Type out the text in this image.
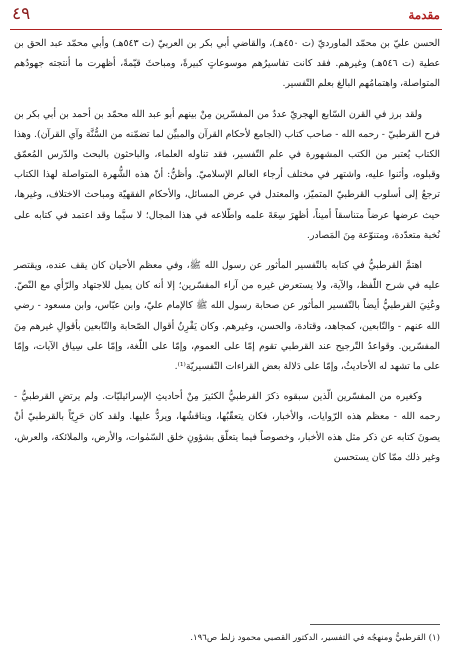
٤٩	مقدمة

الحسن عليّ بن محمّد الماورديّ (ت ٤٥٠هـ)، والقاضي أبي بكر بن العربيّ (ت ٥٤٣هـ) وأبي محمّد عبد الحق بن عطية (ت ٥٤٦هـ) وغيرهم. فقد كانت تفاسيرُهم موسوعاتٍ كبيرةً، ومباحثَ قيّمةً، أظهرت ما أنتجته جهودُهم المتواصلة، واهتمامُهم البالغ بعلم التّفسير.

ولقد برز في القرن السّابع الهجريّ عددٌ من المفسّرين مِنْ بينهم أبو عبد الله محمّد بن أحمد بن أبي بكر بن فرح القرطبيّ - رحمه الله - صاحب كتاب (الجامع لأحكام القرآن والمبيِّن لما تضمّنه من السُّنَّة وآي القرآن). وهذا الكتاب يُعتبر من الكتب المشهورة في علم التّفسير، فقد تناوله العلماء، والباحثون بالبحث والدّرس المُعمّق وقبلوه، وأثنوا عليه، واشتهر في مختلف أرجاء العالم الإسلاميّ. وأظنُّ: أنّ هذه الشُّهرة المتواصلة لهذا الكتاب ترجعُ إلى أسلوب القرطبيّ المتميّز، والمعتدل في عرض المسائل، والأحكام الفقهيّة ومباحث الاختلاف، وغيرها، حيث عرضها عرضاً متناسقاً أميناً، أظهرَ سِعَةَ علمه واطّلاعه في هذا المجال؛ لا سيَّما وقد اعتمد في كتابه على نُخبة متعدّدة، ومتنوّعة مِنَ المَصادر.

اهتمَّ القرطبيُّ في كتابه بالتّفسير المأثور عن رسول الله ﷺ، وفي معظم الأحيان كان يقف عنده، ويقتصر عليه في شرح اللّفظ، والآية، ولا يستعرض غيره من آراء المفسّرين؛ إلا أنه كان يميل للاجتهاد والرّأي مع النّصّ. وعُنِيَ القرطبيُّ أيضاً بالتّفسير المأثور عن صحابة رسول الله ﷺ كالإمام عليّ، وابن عبّاس، وابن مسعود - رضي الله عنهم - والتّابعين، كمجاهد، وقتادة، والحسن، وغيرهم. وكان يَقْرِنُ أقوال الصّحابة والتّابعين بأقوالِ غيرهم مِنَ المفسّرين. وقواعدُ التّرجيح عند القرطبي تقوم إمّا على العموم، وإمّا على اللّغة، وإمّا على سِياق الآيات، وإمّا على ما تشهد له الأحاديثُ، وإمّا على دَلالة بعض القراءات التّفسيريّة⁽¹⁾.

وكغيره من المفسّرين الّذين سبقوه ذكرَ القرطبيُّ الكثيرَ مِنْ أحاديثِ الإسرائيليّات. ولم يرتضِ القرطبيُّ - رحمه الله - معظم هذه الرّوايات، والأخبار، فكان يتعقّبُها، ويناقشُها، ويردُّ عليها. ولقد كان حَرِيّاً بالقرطبيّ أنْ يصونَ كتابه عن ذكر مثل هذه الأخبار، وخصوصاً فيما يتعلّق بشؤونِ خلق السّمٰوات، والأرض، والملائكة، والعرش، وغير ذلك ممّا كان يستحسن

(١) القرطبيُّ ومنهجُه في التفسير، الدكتور القصبي محمود زلط ص١٩٦.
